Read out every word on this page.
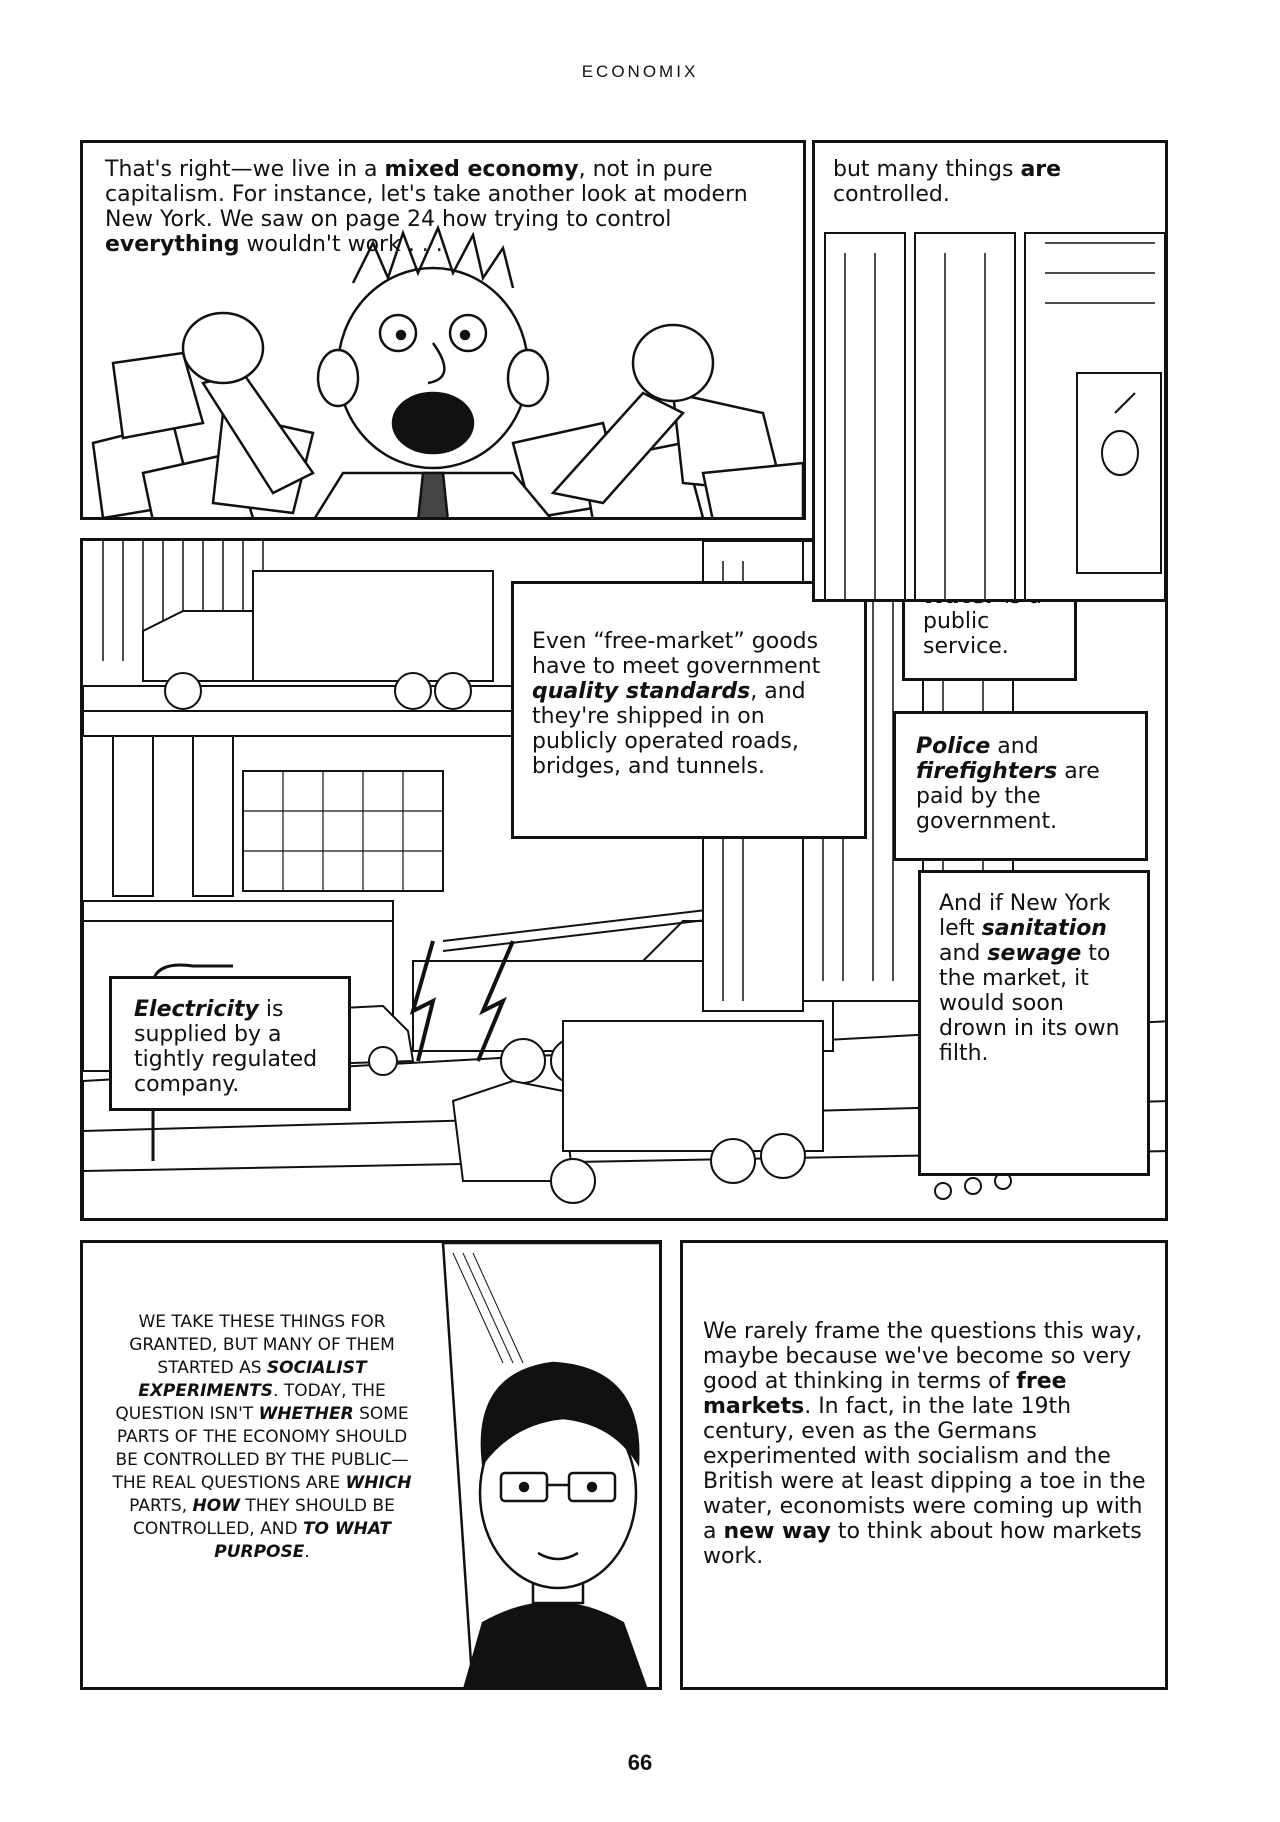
ECONOMIX
That's right—we live in a mixed economy, not in pure capitalism. For instance, let's take another look at modern New York. We saw on page 24 how trying to control everything wouldn't work . . .
Even “free-market” goods have to meet government quality standards, and they're shipped in on publicly operated roads, bridges, and tunnels.
public service.
Police and firefighters are paid by the government.
Electricity is supplied by a tightly regulated company.
And if New York left sanitation and sewage to the market, it would soon drown in its own filth.
but many things are controlled.
WE TAKE THESE THINGS FOR GRANTED, BUT MANY OF THEM STARTED AS SOCIALIST EXPERIMENTS. TODAY, THE QUESTION ISN'T WHETHER SOME PARTS OF THE ECONOMY SHOULD BE CONTROLLED BY THE PUBLIC—THE REAL QUESTIONS ARE WHICH PARTS, HOW THEY SHOULD BE CONTROLLED, AND TO WHAT PURPOSE.
We rarely frame the questions this way, maybe because we've become so very good at thinking in terms of free markets. In fact, in the late 19th century, even as the Germans experimented with socialism and the British were at least dipping a toe in the water, economists were coming up with a new way to think about how markets work.
66
